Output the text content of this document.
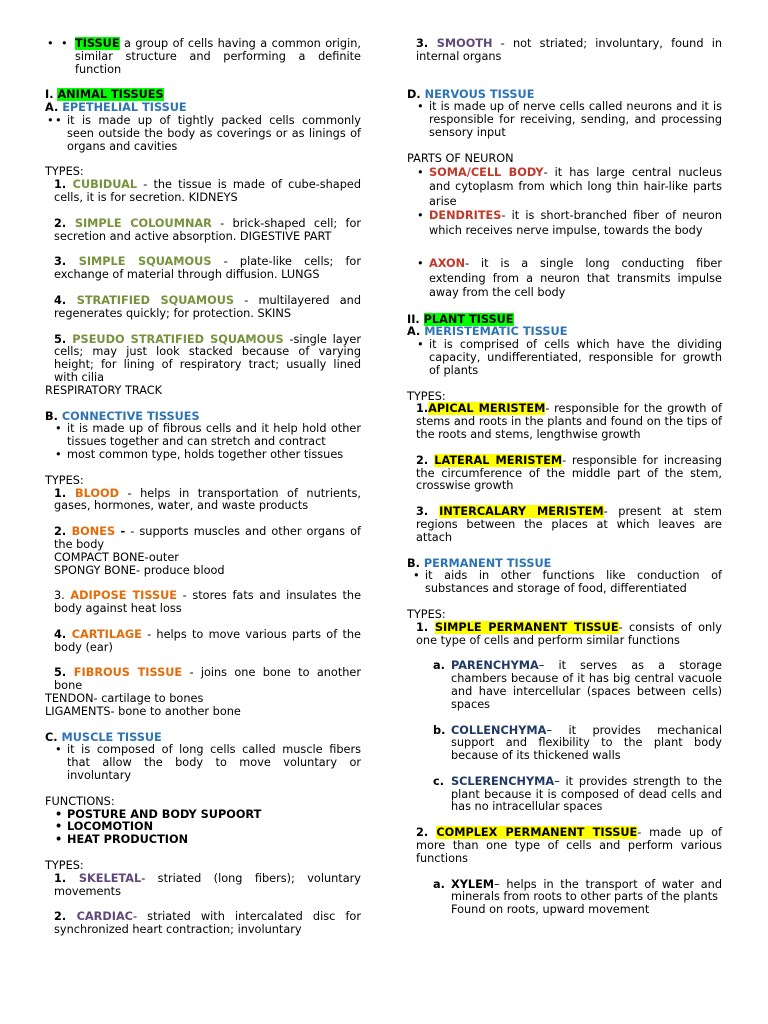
• • TISSUE a group of cells having a common origin, similar structure and performing a definite function

I. ANIMAL TISSUES

A. EPETHELIAL TISSUE

• • it is made up of tightly packed cells commonly seen outside the body as coverings or as linings of organs and cavities

TYPES:

1. CUBIDUAL - the tissue is made of cube-shaped cells, it is for secretion. KIDNEYS

2. SIMPLE COLOUMNAR - brick-shaped cell; for secretion and active absorption. DIGESTIVE PART

3. SIMPLE SQUAMOUS - plate-like cells; for exchange of material through diffusion. LUNGS

4. STRATIFIED SQUAMOUS - multilayered and regenerates quickly; for protection. SKINS

5. PSEUDO STRATIFIED SQUAMOUS -single layer cells; may just look stacked because of varying height; for lining of respiratory tract; usually lined with cilia

RESPIRATORY TRACK

B. CONNECTIVE TISSUES

• it is made up of fibrous cells and it help hold other tissues together and can stretch and contract

• most common type, holds together other tissues

TYPES:

1. BLOOD - helps in transportation of nutrients, gases, hormones, water, and waste products

2. BONES - - supports muscles and other organs of the body

COMPACT BONE-outer

SPONGY BONE- produce blood

3. ADIPOSE TISSUE - stores fats and insulates the body against heat loss

4. CARTILAGE - helps to move various parts of the body (ear)

5. FIBROUS TISSUE - joins one bone to another bone

TENDON- cartilage to bones

LIGAMENTS- bone to another bone

C. MUSCLE TISSUE

• it is composed of long cells called muscle fibers that allow the body to move voluntary or involuntary

FUNCTIONS:

• POSTURE AND BODY SUPOORT

• LOCOMOTION

• HEAT PRODUCTION

TYPES:

1. SKELETAL- striated (long fibers); voluntary movements

2. CARDIAC- striated with intercalated disc for synchronized heart contraction; involuntary

3. SMOOTH - not striated; involuntary, found in internal organs

D. NERVOUS TISSUE

• it is made up of nerve cells called neurons and it is responsible for receiving, sending, and processing sensory input

PARTS OF NEURON

• SOMA/CELL BODY- it has large central nucleus and cytoplasm from which long thin hair-like parts arise

• DENDRITES- it is short-branched fiber of neuron which receives nerve impulse, towards the body

• AXON- it is a single long conducting fiber extending from a neuron that transmits impulse away from the cell body

II. PLANT TISSUE

A. MERISTEMATIC TISSUE

• it is comprised of cells which have the dividing capacity, undifferentiated, responsible for growth of plants

TYPES:

1.APICAL MERISTEM- responsible for the growth of stems and roots in the plants and found on the tips of the roots and stems, lengthwise growth

2. LATERAL MERISTEM- responsible for increasing the circumference of the middle part of the stem, crosswise growth

3. INTERCALARY MERISTEM- present at stem regions between the places at which leaves are attach

B. PERMANENT TISSUE

• it aids in other functions like conduction of substances and storage of food, differentiated

TYPES:

1. SIMPLE PERMANENT TISSUE- consists of only one type of cells and perform similar functions

a. PARENCHYMA– it serves as a storage chambers because of it has big central vacuole and have intercellular (spaces between cells) spaces

b. COLLENCHYMA– it provides mechanical support and flexibility to the plant body because of its thickened walls

c. SCLERENCHYMA– it provides strength to the plant because it is composed of dead cells and has no intracellular spaces

2. COMPLEX PERMANENT TISSUE- made up of more than one type of cells and perform various functions

a. XYLEM– helps in the transport of water and minerals from roots to other parts of the plants

Found on roots, upward movement
